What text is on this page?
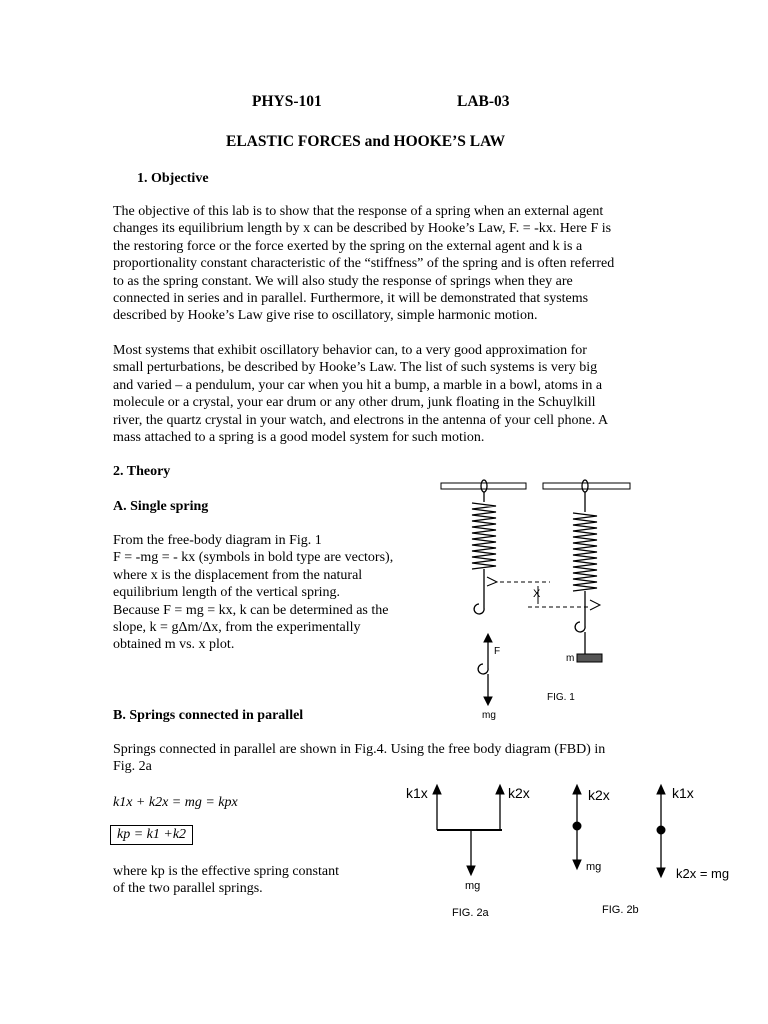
PHYS-101	LAB-03
ELASTIC FORCES and HOOKE’S LAW
1. Objective
The objective of this lab is to show that the response of a spring when an external agent
changes its equilibrium length by x can be described by Hooke’s Law, F. = -kx. Here F is
the restoring force or the force exerted by the spring on the external agent and k is a
proportionality constant characteristic of the “stiffness” of the spring and is often referred
to as the spring constant. We will also study the response of springs when they are
connected in series and in parallel. Furthermore, it will be demonstrated that systems
described by Hooke’s Law give rise to oscillatory, simple harmonic motion.
Most systems that exhibit oscillatory behavior can, to a very good approximation for
small perturbations, be described by Hooke’s Law. The list of such systems is very big
and varied – a pendulum, your car when you hit a bump, a marble in a bowl, atoms in a
molecule or a crystal, your ear drum or any other drum, junk floating in the Schuylkill
river, the quartz crystal in your watch, and electrons in the antenna of your cell phone. A
mass attached to a spring is a good model system for such motion.
2. Theory
A. Single spring
From the free-body diagram in Fig. 1
F = -mg = - kx (symbols in bold type are vectors),
where x is the displacement from the natural
equilibrium length of the vertical spring.
Because F = mg = kx, k can be determined as the
slope, k = gΔm/Δx, from the experimentally
obtained m vs. x plot.
B. Springs connected in parallel
Springs connected in parallel are shown in Fig.4. Using the free body diagram (FBD) in
Fig. 2a
k1x + k2x = mg = kpx
kp = k1 +k2
where kp is the effective spring constant
of the two parallel springs.
X
F
m
mg
FIG. 1
k1x	k2x
mg
FIG. 2a
k2x
mg
k1x
k2x = mg
FIG. 2b
